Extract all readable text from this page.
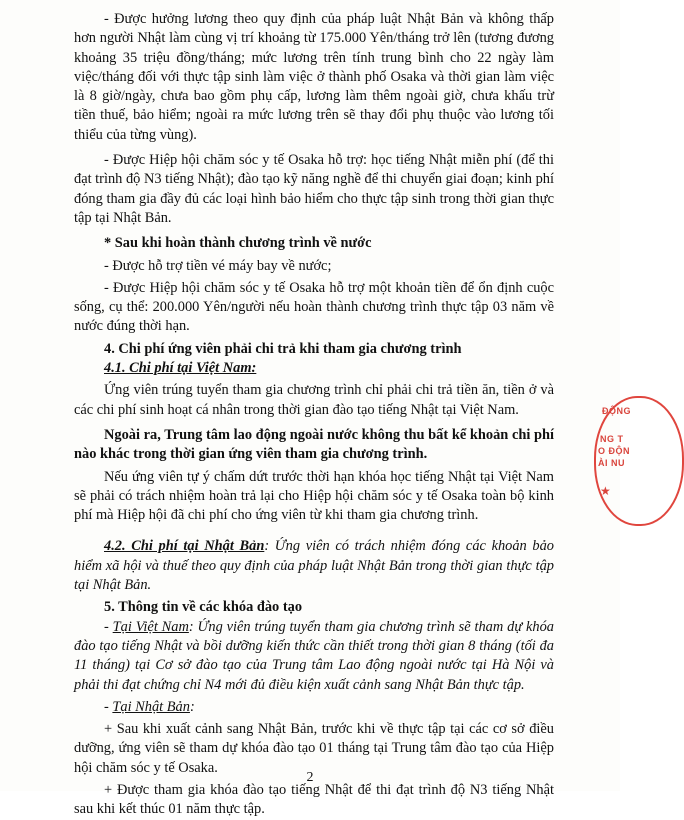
- Được hưởng lương theo quy định của pháp luật Nhật Bản và không thấp hơn người Nhật làm cùng vị trí khoảng từ 175.000 Yên/tháng trở lên (tương đương khoảng 35 triệu đồng/tháng; mức lương trên tính trung bình cho 22 ngày làm việc/tháng đối với thực tập sinh làm việc ở thành phố Osaka và thời gian làm việc là 8 giờ/ngày, chưa bao gồm phụ cấp, lương làm thêm ngoài giờ, chưa khấu trừ tiền thuế, bảo hiểm; ngoài ra mức lương trên sẽ thay đổi phụ thuộc vào lương tối thiểu của từng vùng).

- Được Hiệp hội chăm sóc y tế Osaka hỗ trợ: học tiếng Nhật miễn phí (để thi đạt trình độ N3 tiếng Nhật); đào tạo kỹ năng nghề để thi chuyển giai đoạn; kinh phí đóng tham gia đầy đủ các loại hình bảo hiểm cho thực tập sinh trong thời gian thực tập tại Nhật Bản.

* Sau khi hoàn thành chương trình về nước

- Được hỗ trợ tiền vé máy bay về nước;

- Được Hiệp hội chăm sóc y tế Osaka hỗ trợ một khoản tiền để ổn định cuộc sống, cụ thể: 200.000 Yên/người nếu hoàn thành chương trình thực tập 03 năm về nước đúng thời hạn.

4. Chi phí ứng viên phải chi trả khi tham gia chương trình

4.1. Chi phí tại Việt Nam:

Ứng viên trúng tuyển tham gia chương trình chỉ phải chi trả tiền ăn, tiền ở và các chi phí sinh hoạt cá nhân trong thời gian đào tạo tiếng Nhật tại Việt Nam.

Ngoài ra, Trung tâm lao động ngoài nước không thu bất kể khoản chi phí nào khác trong thời gian ứng viên tham gia chương trình.

Nếu ứng viên tự ý chấm dứt trước thời hạn khóa học tiếng Nhật tại Việt Nam sẽ phải có trách nhiệm hoàn trả lại cho Hiệp hội chăm sóc y tế Osaka toàn bộ kinh phí mà Hiệp hội đã chi phí cho ứng viên từ khi tham gia chương trình.

4.2. Chi phí tại Nhật Bản: Ứng viên có trách nhiệm đóng các khoản bảo hiểm xã hội và thuế theo quy định của pháp luật Nhật Bản trong thời gian thực tập tại Nhật Bản.

5. Thông tin về các khóa đào tạo

- Tại Việt Nam: Ứng viên trúng tuyển tham gia chương trình sẽ tham dự khóa đào tạo tiếng Nhật và bồi dưỡng kiến thức cần thiết trong thời gian 8 tháng (tối đa 11 tháng) tại Cơ sở đào tạo của Trung tâm Lao động ngoài nước tại Hà Nội và phải thi đạt chứng chỉ N4 mới đủ điều kiện xuất cảnh sang Nhật Bản thực tập.

- Tại Nhật Bản:

+ Sau khi xuất cảnh sang Nhật Bản, trước khi về thực tập tại các cơ sở điều dưỡng, ứng viên sẽ tham dự khóa đào tạo 01 tháng tại Trung tâm đào tạo của Hiệp hội chăm sóc y tế Osaka.

+ Được tham gia khóa đào tạo tiếng Nhật để thi đạt trình độ N3 tiếng Nhật sau khi kết thúc 01 năm thực tập.

2
ĐỘNG
NG T
O ĐỘN
ÀI NU
★
